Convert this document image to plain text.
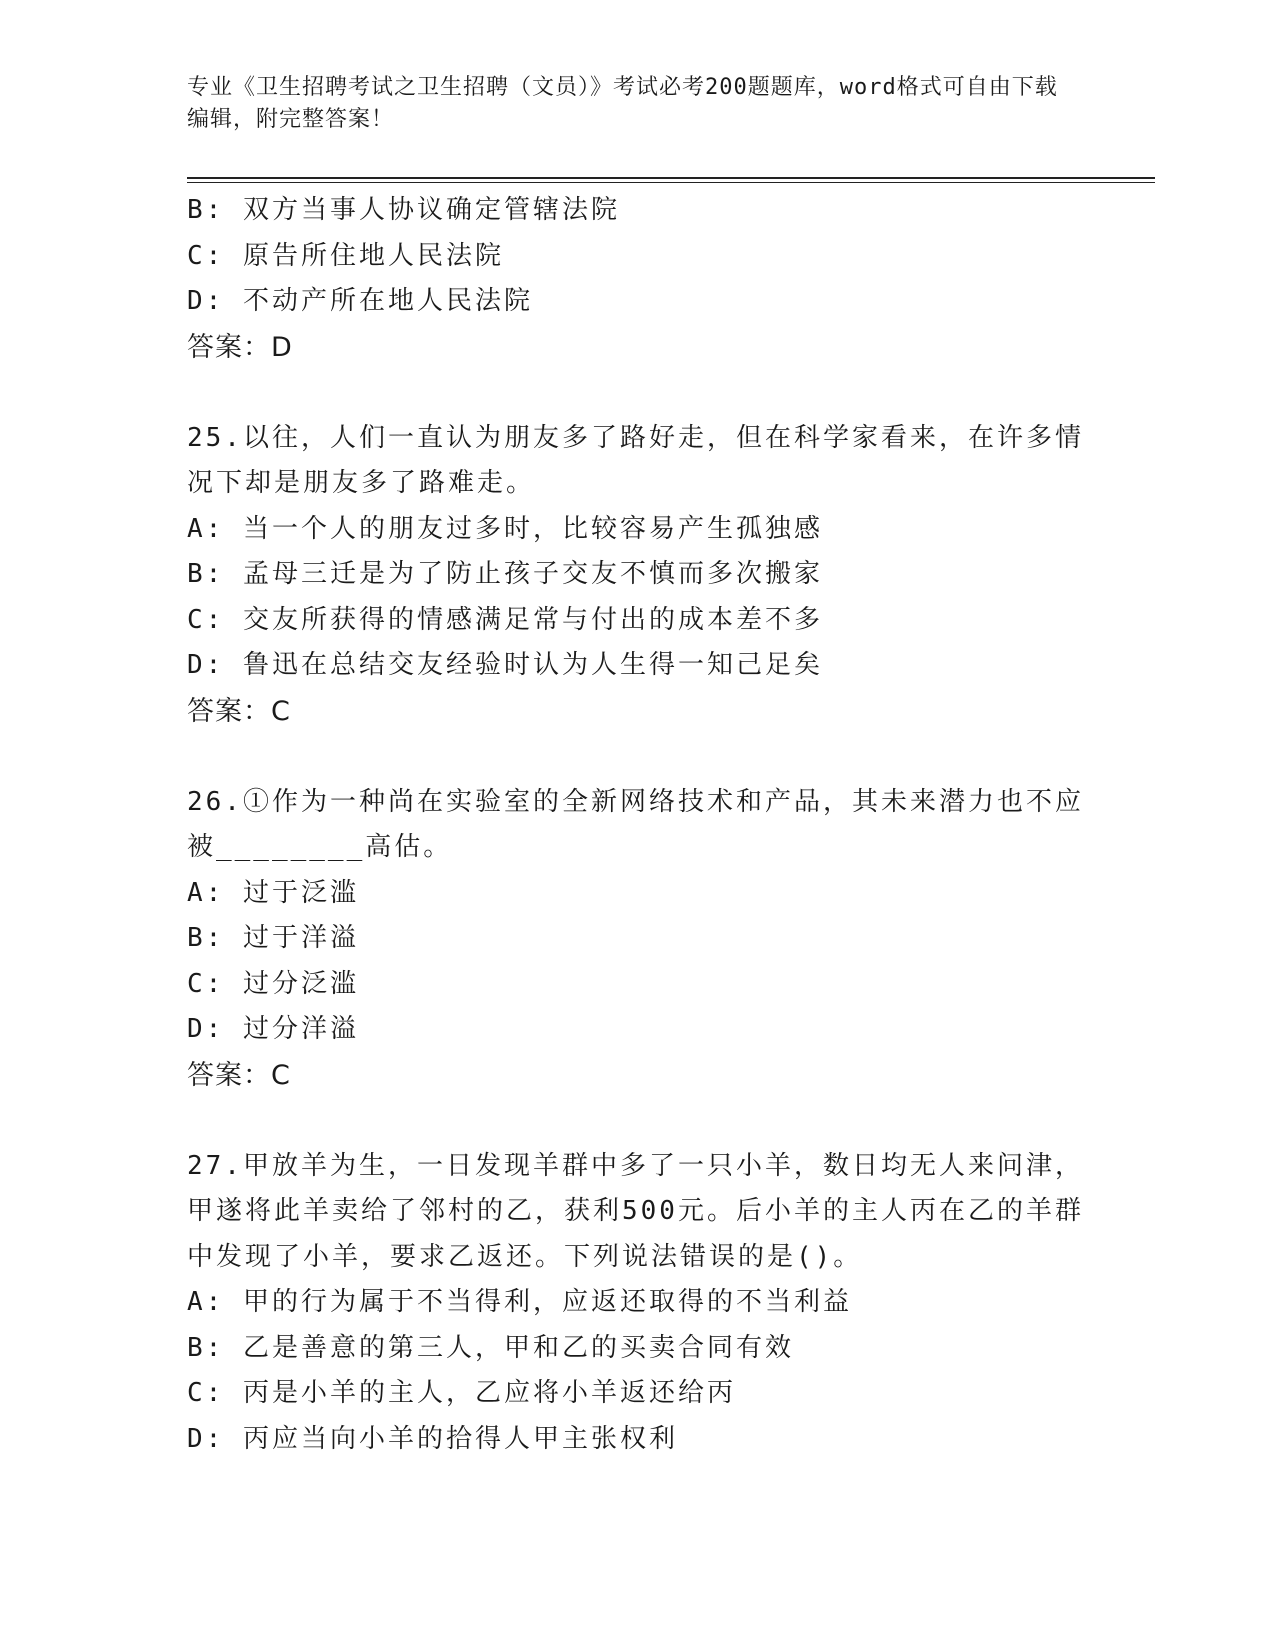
专业《卫生招聘考试之卫生招聘（文员）》考试必考200题题库，word格式可自由下载编辑，附完整答案！
B: 双方当事人协议确定管辖法院
C: 原告所住地人民法院
D: 不动产所在地人民法院
答案：D
25.以往，人们一直认为朋友多了路好走，但在科学家看来，在许多情况下却是朋友多了路难走。
A: 当一个人的朋友过多时，比较容易产生孤独感
B: 孟母三迁是为了防止孩子交友不慎而多次搬家
C: 交友所获得的情感满足常与付出的成本差不多
D: 鲁迅在总结交友经验时认为人生得一知己足矣
答案：C
26.①作为一种尚在实验室的全新网络技术和产品，其未来潜力也不应被________高估。
A: 过于泛滥
B: 过于洋溢
C: 过分泛滥
D: 过分洋溢
答案：C
27.甲放羊为生，一日发现羊群中多了一只小羊，数日均无人来问津，甲遂将此羊卖给了邻村的乙，获利500元。后小羊的主人丙在乙的羊群中发现了小羊，要求乙返还。下列说法错误的是()。
A: 甲的行为属于不当得利，应返还取得的不当利益
B: 乙是善意的第三人，甲和乙的买卖合同有效
C: 丙是小羊的主人，乙应将小羊返还给丙
D: 丙应当向小羊的拾得人甲主张权利
